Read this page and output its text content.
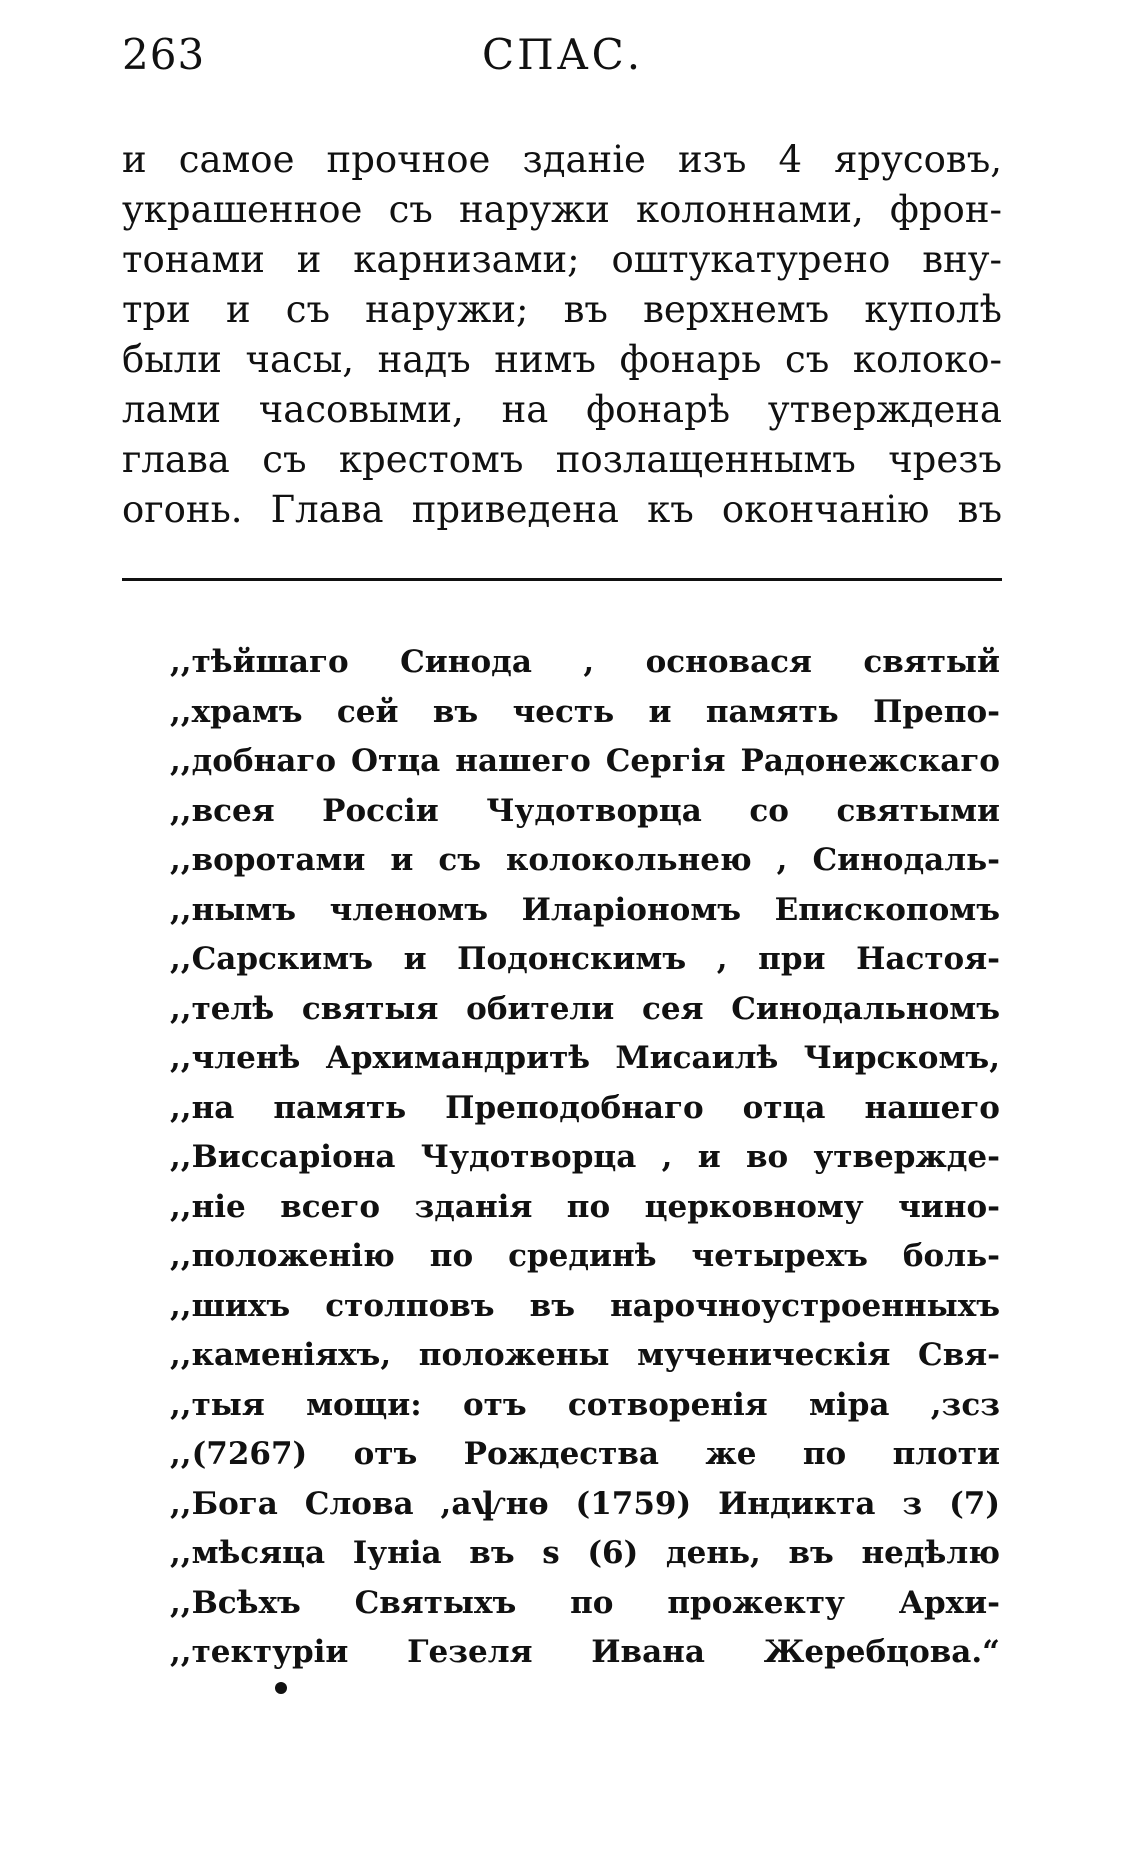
263	СПАС.
и самое прочное зданiе изъ 4 ярусовъ,
украшенное съ наружи колоннами, фрон-
тонами и карнизами; оштукатурено вну-
три и съ наружи; въ верхнемъ куполѣ
были часы, надъ нимъ фонарь съ колоко-
лами часовыми, на фонарѣ утверждена
глава съ крестомъ позлащеннымъ чрезъ
огонь. Глава приведена къ окончанiю въ
,,тѣйшаго Синода , основася святый
,,храмъ сей въ честь и память Препо-
,,добнаго Отца нашего Сергiя Радонежскаго
,,всея Россiи Чудотворца со святыми
,,воротами и съ колокольнею , Синодаль-
,,нымъ членомъ Иларiономъ Епископомъ
,,Сарскимъ и Подонскимъ , при Настоя-
,,телѣ святыя обители сея Синодальномъ
,,членѣ Архимандритѣ Мисаилѣ Чирскомъ,
,,на память Преподобнаго отца нашего
,,Виссарiона Чудотворца , и во утвержде-
,,нiе всего зданiя по церковному чино-
,,положенiю по срединѣ четырехъ боль-
,,шихъ столповъ въ нарочноустроенныхъ
,,каменiяхъ, положены мученическiя Свя-
,,тыя мощи: отъ сотворенiя мiра ,зсз
,,(7267) отъ Рождества же по плоти
,,Бога Слова ,аѱнѳ (1759) Индикта з (7)
,,мѣсяца Iунiа въ s (6) день, въ недѣлю
,,Всѣхъ Святыхъ по прожекту Архи-
,,тектурiи Гезеля Ивана Жеребцова.“
